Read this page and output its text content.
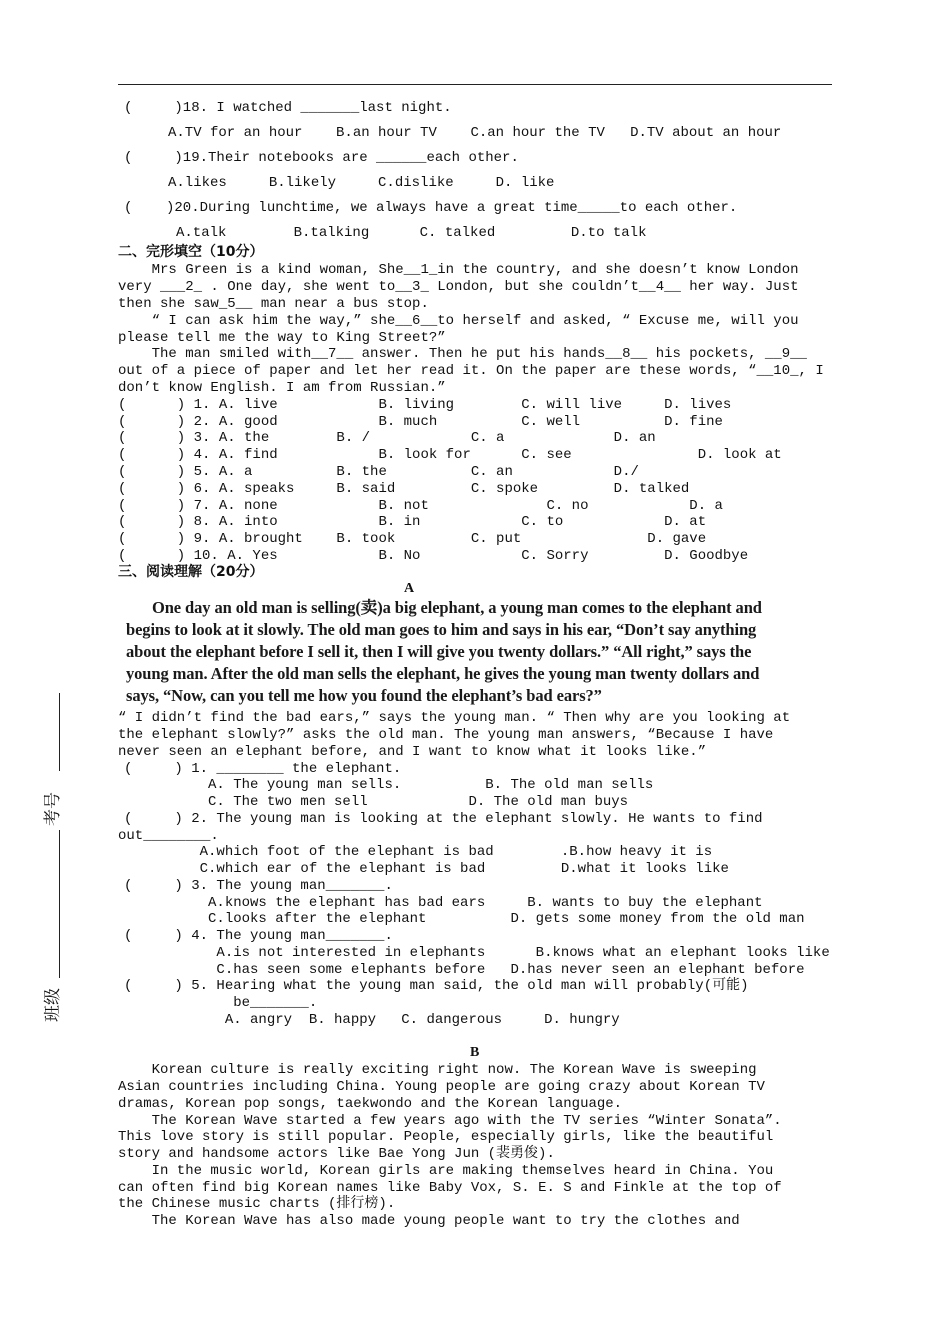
(     )18. I watched _______last night.
A.TV for an hour    B.an hour TV    C.an hour the TV   D.TV about an hour
(     )19.Their notebooks are ______each other.
A.likes     B.likely     C.dislike     D. like
(    )20.During lunchtime, we always have a great time_____to each other.
A.talk        B.talking      C. talked         D.to talk
二、完形填空（10分）
Mrs Green is a kind woman, She__1_in the country, and she doesn’t know London
very ___2_ . One day, she went to__3_ London, but she couldn’t__4__ her way. Just
then she saw_5__ man near a bus stop.
“ I can ask him the way,” she__6__to herself and asked, “ Excuse me, will you
please tell me the way to King Street?”
The man smiled with__7__ answer. Then he put his hands__8__ his pockets, __9__
out of a piece of paper and let her read it. On the paper are these words, “__10_, I
don’t know English. I am from Russian.”
(      ) 1. A. live            B. living        C. will live     D. lives
(      ) 2. A. good            B. much          C. well          D. fine
(      ) 3. A. the        B. /            C. a             D. an
(      ) 4. A. find            B. look for      C. see               D. look at
(      ) 5. A. a          B. the          C. an            D./
(      ) 6. A. speaks     B. said         C. spoke         D. talked
(      ) 7. A. none            B. not              C. no            D. a
(      ) 8. A. into            B. in            C. to            D. at
(      ) 9. A. brought    B. took         C. put               D. gave
(      ) 10. A. Yes            B. No            C. Sorry         D. Goodbye
三、阅读理解（20分）
A
One day an old man is selling(卖)a big elephant, a young man comes to the elephant and
begins to look at it slowly. The old man goes to him and says in his ear, “Don’t say anything
about the elephant before I sell it, then I will give you twenty dollars.” “All right,” says the
young man. After the old man sells the elephant, he gives the young man twenty dollars and
says, “Now, can you tell me how you found the elephant’s bad ears?”
“ I didn’t find the bad ears,” says the young man. “ Then why are you looking at
the elephant slowly?” asks the old man. The young man answers, “Because I have
never seen an elephant before, and I want to know what it looks like.”
(     ) 1. ________ the elephant.
A. The young man sells.          B. The old man sells
C. The two men sell            D. The old man buys
(     ) 2. The young man is looking at the elephant slowly. He wants to find
out________.
A.which foot of the elephant is bad        .B.how heavy it is
C.which ear of the elephant is bad         D.what it looks like
(     ) 3. The young man_______.
A.knows the elephant has bad ears     B. wants to buy the elephant
C.looks after the elephant          D. gets some money from the old man
(     ) 4. The young man_______.
A.is not interested in elephants      B.knows what an elephant looks like
C.has seen some elephants before   D.has never seen an elephant before
(     ) 5. Hearing what the young man said, the old man will probably(可能)
be_______.
A. angry  B. happy   C. dangerous     D. hungry
B
Korean culture is really exciting right now. The Korean Wave is sweeping
Asian countries including China. Young people are going crazy about Korean TV
dramas, Korean pop songs, taekwondo and the Korean language.
The Korean Wave started a few years ago with the TV series “Winter Sonata”.
This love story is still popular. People, especially girls, like the beautiful
story and handsome actors like Bae Yong Jun (裴勇俊).
In the music world, Korean girls are making themselves heard in China. You
can often find big Korean names like Baby Vox, S. E. S and Finkle at the top of
the Chinese music charts (排行榜).
The Korean Wave has also made young people want to try the clothes and
考号
班级
